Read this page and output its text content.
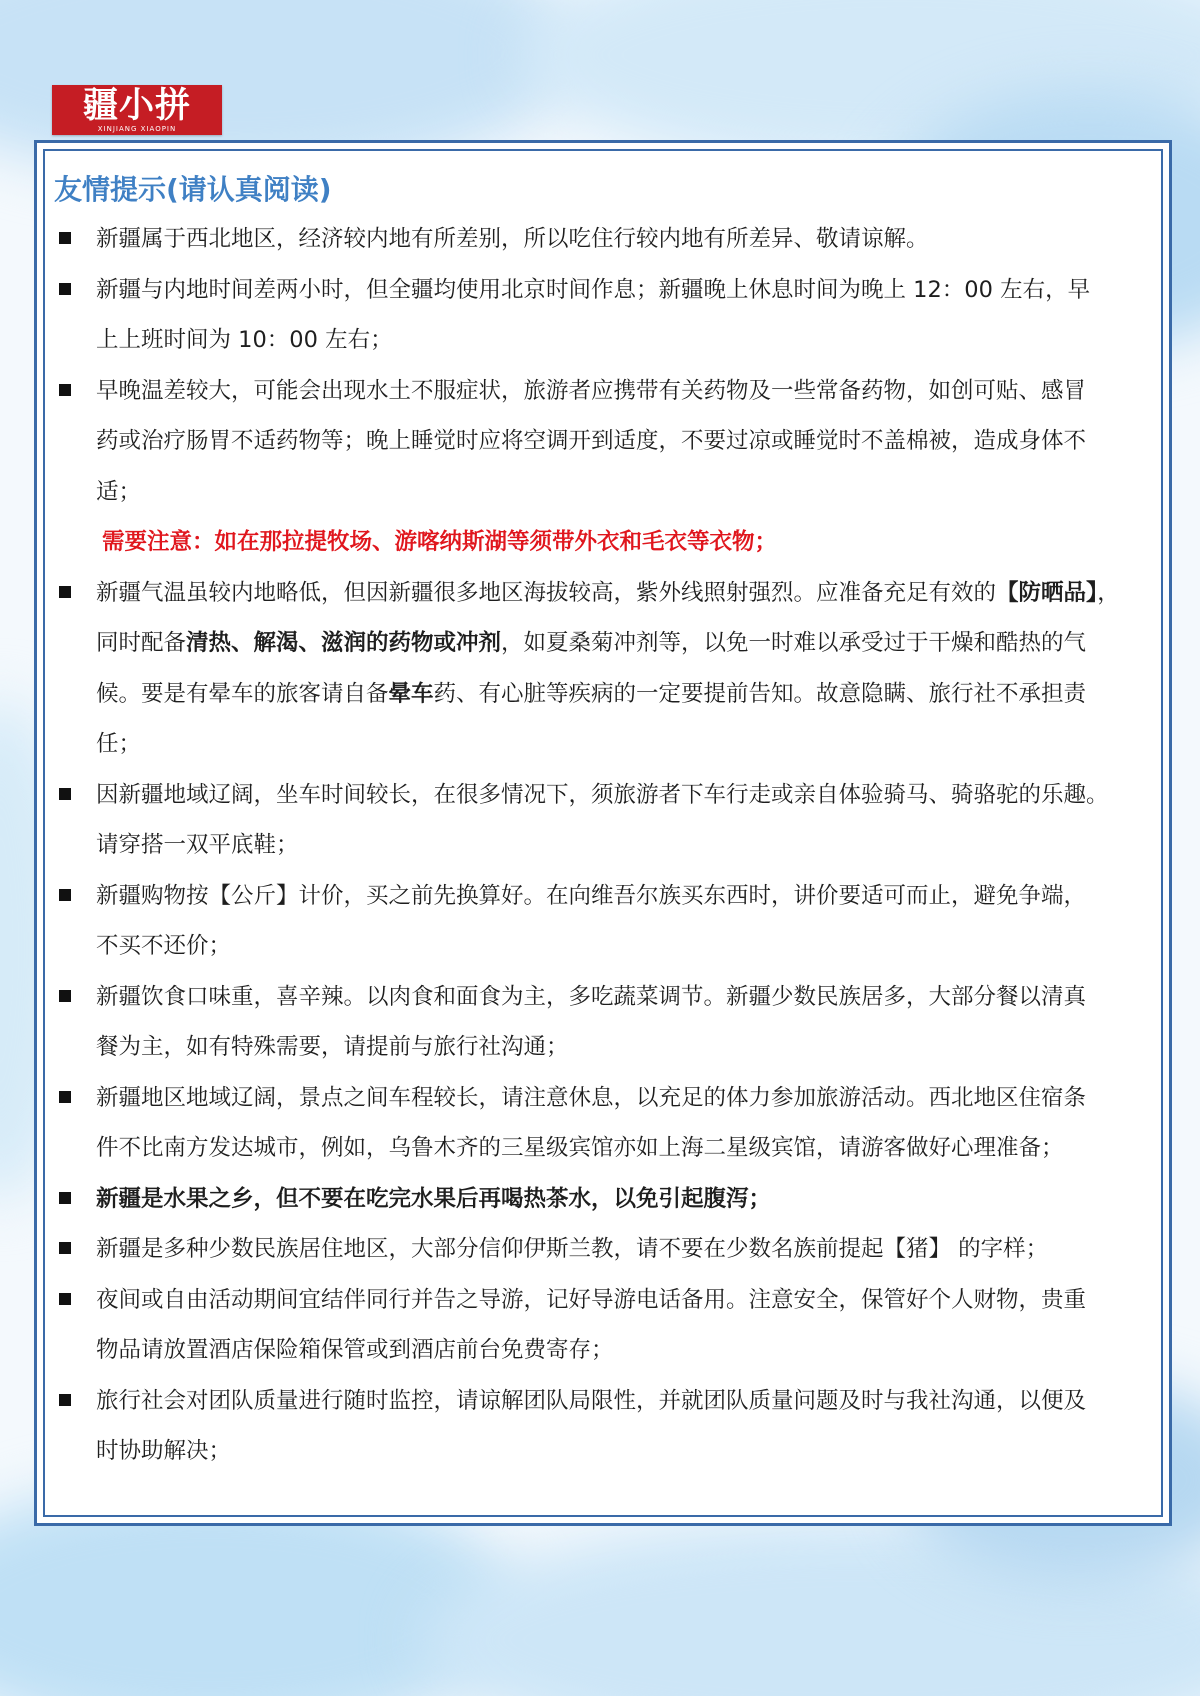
疆小拼
XINJIANG XIAOPIN
友情提示(请认真阅读)
新疆属于西北地区，经济较内地有所差别，所以吃住行较内地有所差异、敬请谅解。
新疆与内地时间差两小时，但全疆均使用北京时间作息；新疆晚上休息时间为晚上 12：00 左右，早
上上班时间为 10：00 左右；
早晚温差较大，可能会出现水土不服症状，旅游者应携带有关药物及一些常备药物，如创可贴、感冒
药或治疗肠胃不适药物等；晚上睡觉时应将空调开到适度，不要过凉或睡觉时不盖棉被，造成身体不
适；
需要注意：如在那拉提牧场、游喀纳斯湖等须带外衣和毛衣等衣物；
新疆气温虽较内地略低，但因新疆很多地区海拔较高，紫外线照射强烈。应准备充足有效的【防晒品】，
同时配备清热、解渴、滋润的药物或冲剂，如夏桑菊冲剂等，以免一时难以承受过于干燥和酷热的气
候。要是有晕车的旅客请自备晕车药、有心脏等疾病的一定要提前告知。故意隐瞒、旅行社不承担责
任；
因新疆地域辽阔，坐车时间较长，在很多情况下，须旅游者下车行走或亲自体验骑马、骑骆驼的乐趣。
请穿搭一双平底鞋；
新疆购物按【公斤】计价，买之前先换算好。在向维吾尔族买东西时，讲价要适可而止，避免争端，
不买不还价；
新疆饮食口味重，喜辛辣。以肉食和面食为主，多吃蔬菜调节。新疆少数民族居多，大部分餐以清真
餐为主，如有特殊需要，请提前与旅行社沟通；
新疆地区地域辽阔，景点之间车程较长，请注意休息，以充足的体力参加旅游活动。西北地区住宿条
件不比南方发达城市，例如，乌鲁木齐的三星级宾馆亦如上海二星级宾馆，请游客做好心理准备；
新疆是水果之乡，但不要在吃完水果后再喝热茶水，以免引起腹泻；
新疆是多种少数民族居住地区，大部分信仰伊斯兰教，请不要在少数名族前提起【猪】 的字样；
夜间或自由活动期间宜结伴同行并告之导游，记好导游电话备用。注意安全，保管好个人财物，贵重
物品请放置酒店保险箱保管或到酒店前台免费寄存；
旅行社会对团队质量进行随时监控，请谅解团队局限性，并就团队质量问题及时与我社沟通，以便及
时协助解决；
